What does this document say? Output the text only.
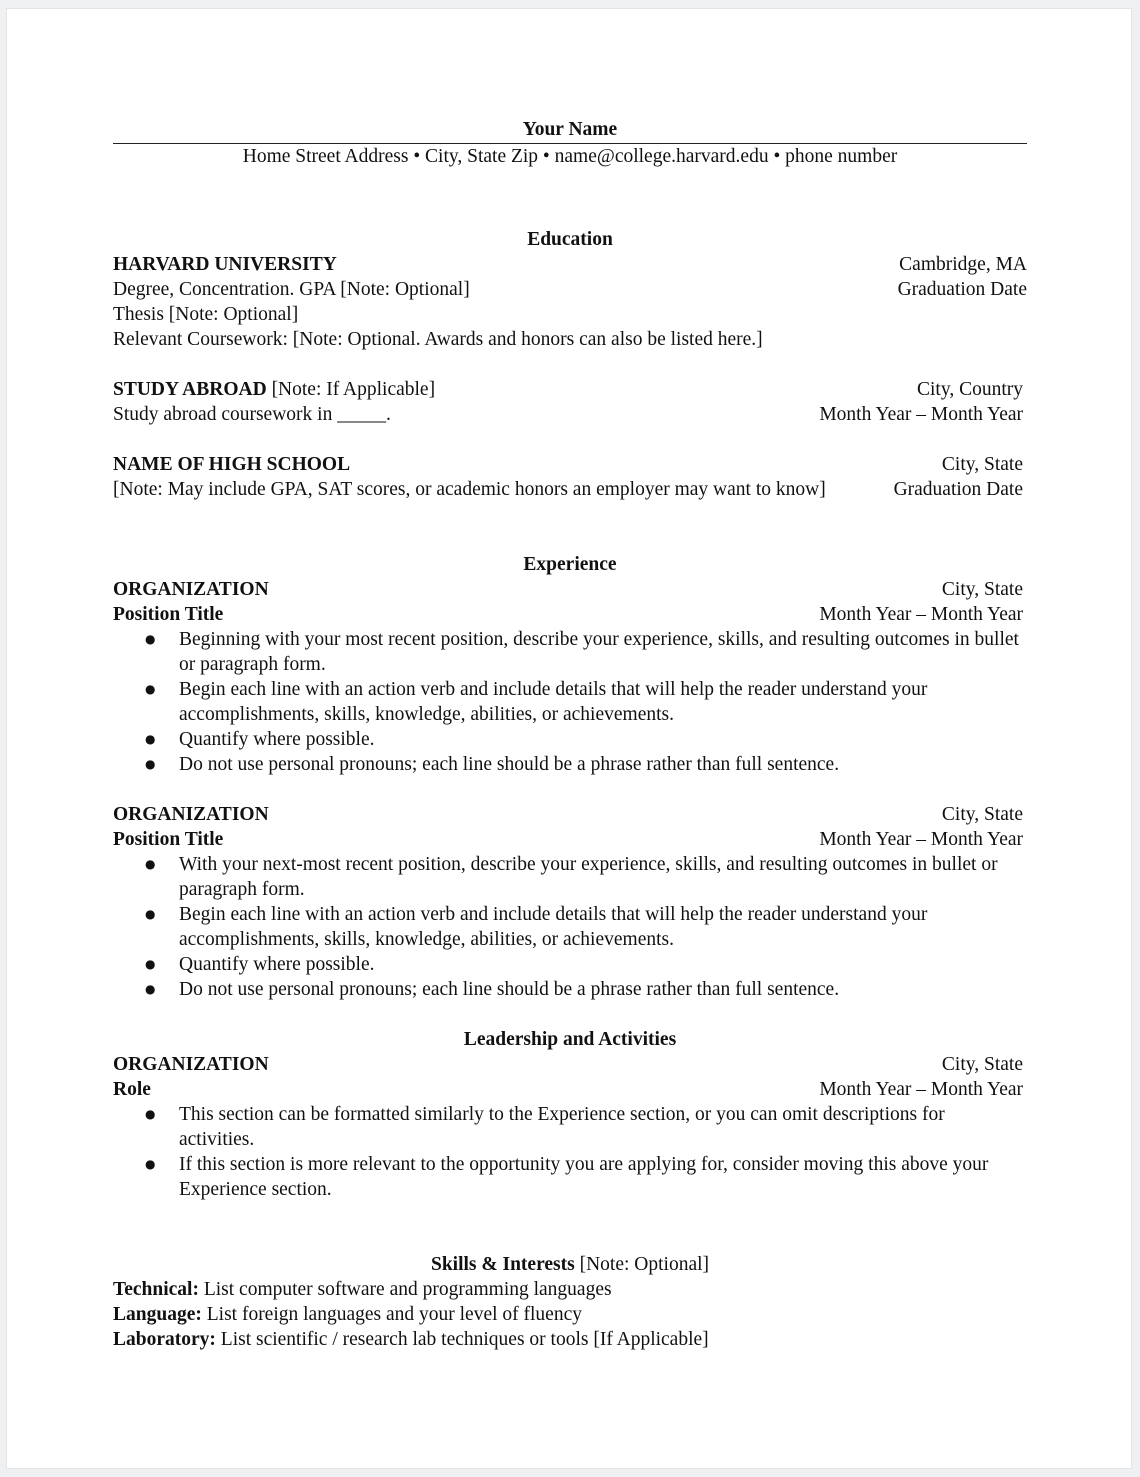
Your Name
Home Street Address • City, State Zip • name@college.harvard.edu • phone number
Education
HARVARD UNIVERSITY	Cambridge, MA
Degree, Concentration. GPA [Note: Optional]	Graduation Date
Thesis [Note: Optional]
Relevant Coursework: [Note: Optional. Awards and honors can also be listed here.]
STUDY ABROAD [Note: If Applicable]	City, Country
Study abroad coursework in _____.	Month Year – Month Year
NAME OF HIGH SCHOOL	City, State
[Note: May include GPA, SAT scores, or academic honors an employer may want to know]	Graduation Date
Experience
ORGANIZATION	City, State
Position Title	Month Year – Month Year
● Beginning with your most recent position, describe your experience, skills, and resulting outcomes in bullet or paragraph form.
● Begin each line with an action verb and include details that will help the reader understand your accomplishments, skills, knowledge, abilities, or achievements.
● Quantify where possible.
● Do not use personal pronouns; each line should be a phrase rather than full sentence.
ORGANIZATION	City, State
Position Title	Month Year – Month Year
● With your next-most recent position, describe your experience, skills, and resulting outcomes in bullet or paragraph form.
● Begin each line with an action verb and include details that will help the reader understand your accomplishments, skills, knowledge, abilities, or achievements.
● Quantify where possible.
● Do not use personal pronouns; each line should be a phrase rather than full sentence.
Leadership and Activities
ORGANIZATION	City, State
Role	Month Year – Month Year
● This section can be formatted similarly to the Experience section, or you can omit descriptions for activities.
● If this section is more relevant to the opportunity you are applying for, consider moving this above your Experience section.
Skills & Interests [Note: Optional]
Technical: List computer software and programming languages
Language: List foreign languages and your level of fluency
Laboratory: List scientific / research lab techniques or tools [If Applicable]
